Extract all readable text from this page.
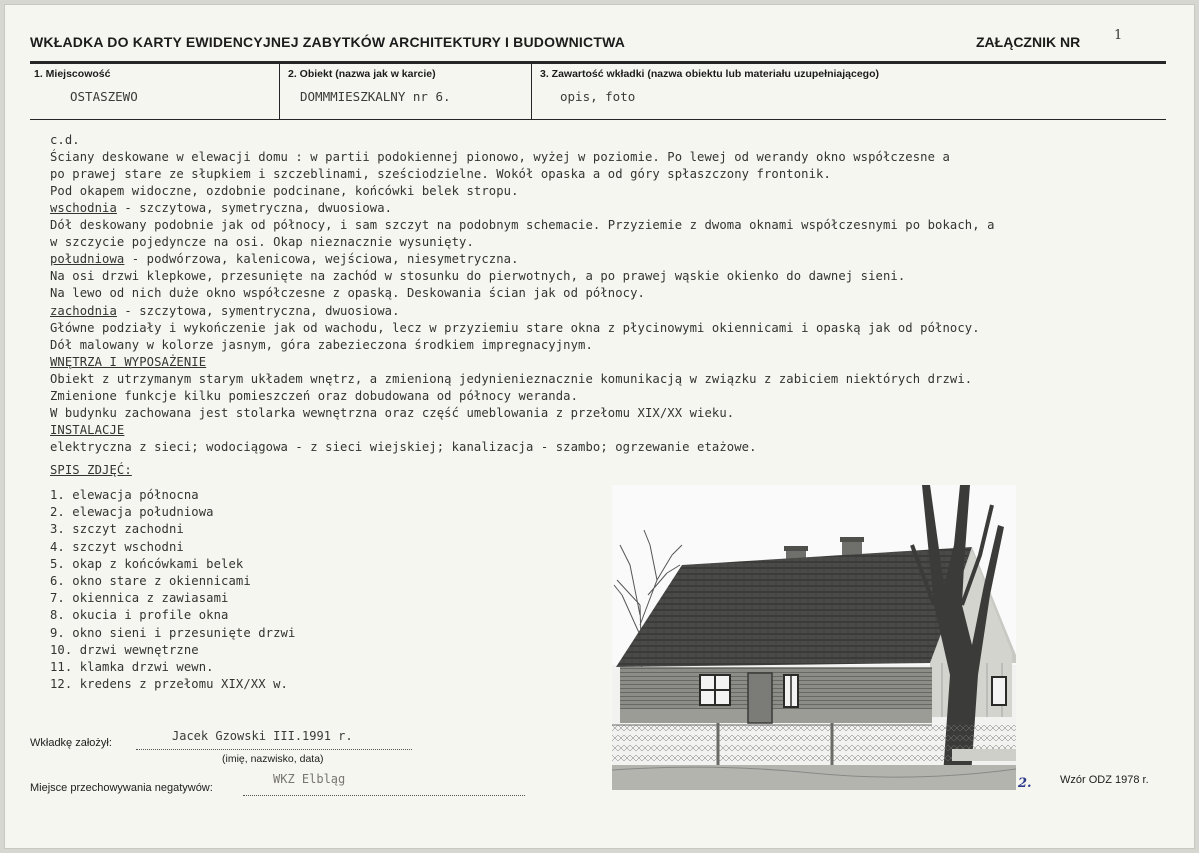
WKŁADKA DO KARTY EWIDENCYJNEJ ZABYTKÓW ARCHITEKTURY I BUDOWNICTWA	ZAŁĄCZNIK NR	1
1. Miejscowość
OSTASZEWO
2. Obiekt (nazwa jak w karcie)
DOMMMIESZKALNY nr 6.
3. Zawartość wkładki (nazwa obiektu lub materiału uzupełniającego)
opis, foto
c.d.
Ściany deskowane w elewacji domu : w partii podokiennej pionowo, wyżej w poziomie. Po lewej od werandy okno współczesne a
po prawej stare ze słupkiem i szczeblinami, sześciodzielne. Wokół opaska a od góry spłaszczony frontonik.
Pod okapem widoczne, ozdobnie podcinane, końcówki belek stropu.
wschodnia - szczytowa, symetryczna, dwuosiowa.
Dół deskowany podobnie jak od północy, i sam szczyt na podobnym schemacie. Przyziemie z dwoma oknami współczesnymi po bokach, a
w szczycie pojedyncze na osi. Okap nieznacznie wysunięty.
południowa - podwórzowa, kalenicowa, wejściowa, niesymetryczna.
Na osi drzwi klepkowe, przesunięte na zachód w stosunku do pierwotnych, a po prawej wąskie okienko do dawnej sieni.
Na lewo od nich duże okno współczesne z opaską. Deskowania ścian jak od północy.
zachodnia - szczytowa, symentryczna, dwuosiowa.
Główne podziały i wykończenie jak od wachodu, lecz w przyziemiu stare okna z płycinowymi okiennicami i opaską jak od północy.
Dół malowany w kolorze jasnym, góra zabezieczona środkiem impregnacyjnym.
WNĘTRZA I WYPOSAŻENIE
Obiekt z utrzymanym starym układem wnętrz, a zmienioną jedynienieznacznie komunikacją w związku z zabiciem niektórych drzwi.
Zmienione funkcje kilku pomieszczeń oraz dobudowana od północy weranda.
W budynku zachowana jest stolarka wewnętrzna oraz część umeblowania z przełomu XIX/XX wieku.
INSTALACJE
elektryczna z sieci; wodociągowa - z sieci wiejskiej; kanalizacja - szambo; ogrzewanie etażowe.
SPIS ZDJĘĆ:
1. elewacja północna
2. elewacja południowa
3. szczyt zachodni
4. szczyt wschodni
5. okap z końcówkami belek
6. okno stare z okiennicami
7. okiennica z zawiasami
8. okucia i profile okna
9. okno sieni i przesunięte drzwi
10. drzwi wewnętrzne
11. klamka drzwi wewn.
12. kredens z przełomu XIX/XX w.
2.
Wkładkę założył:	Jacek Gzowski III.1991 r.
(imię, nazwisko, data)
Miejsce przechowywania negatywów:
WKZ Elbląg	Wzór ODZ 1978 r.
